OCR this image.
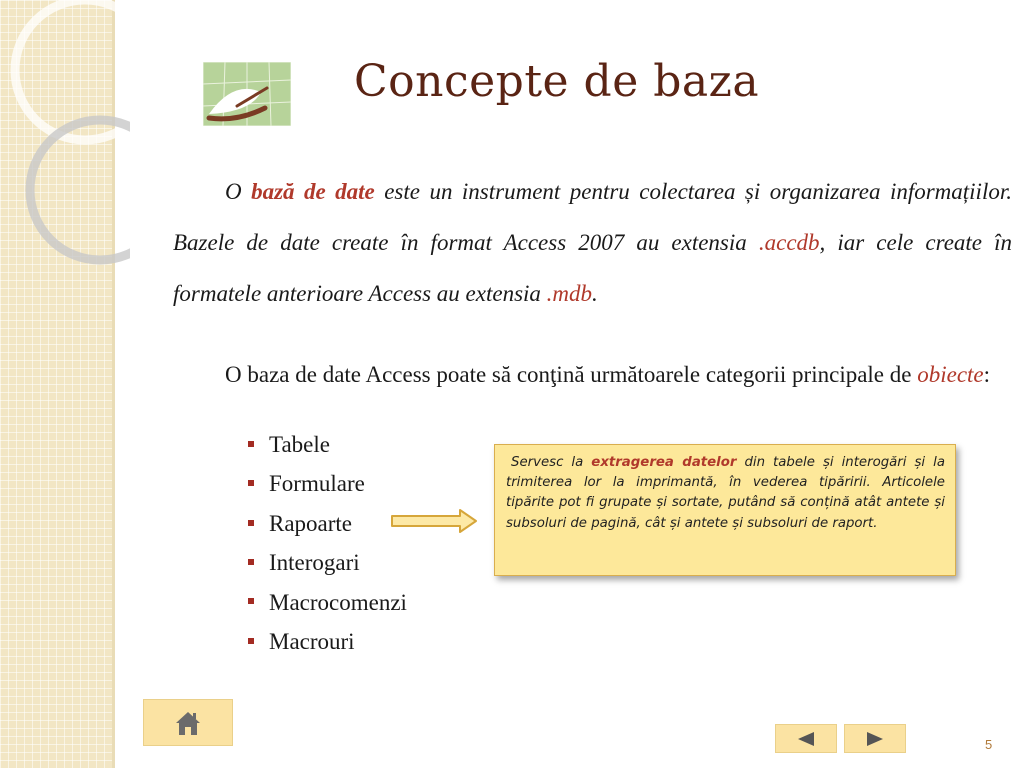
Concepte de baza

O bază de date este un instrument pentru colectarea și organizarea informațiilor. Bazele de date create în format Access 2007 au extensia .accdb, iar cele create în formatele anterioare Access au extensia .mdb.

O baza de date Access poate să conţină următoarele categorii principale de obiecte:

Tabele
Formulare
Rapoarte
Interogari
Macrocomenzi
Macrouri
Servesc la extragerea datelor din tabele și interogări și la trimiterea lor la imprimantă, în vederea tipăririi. Articolele tipărite pot fi grupate și sortate, putând să conțină atât antete și subsoluri de pagină, cât și antete și subsoluri de raport.
5
